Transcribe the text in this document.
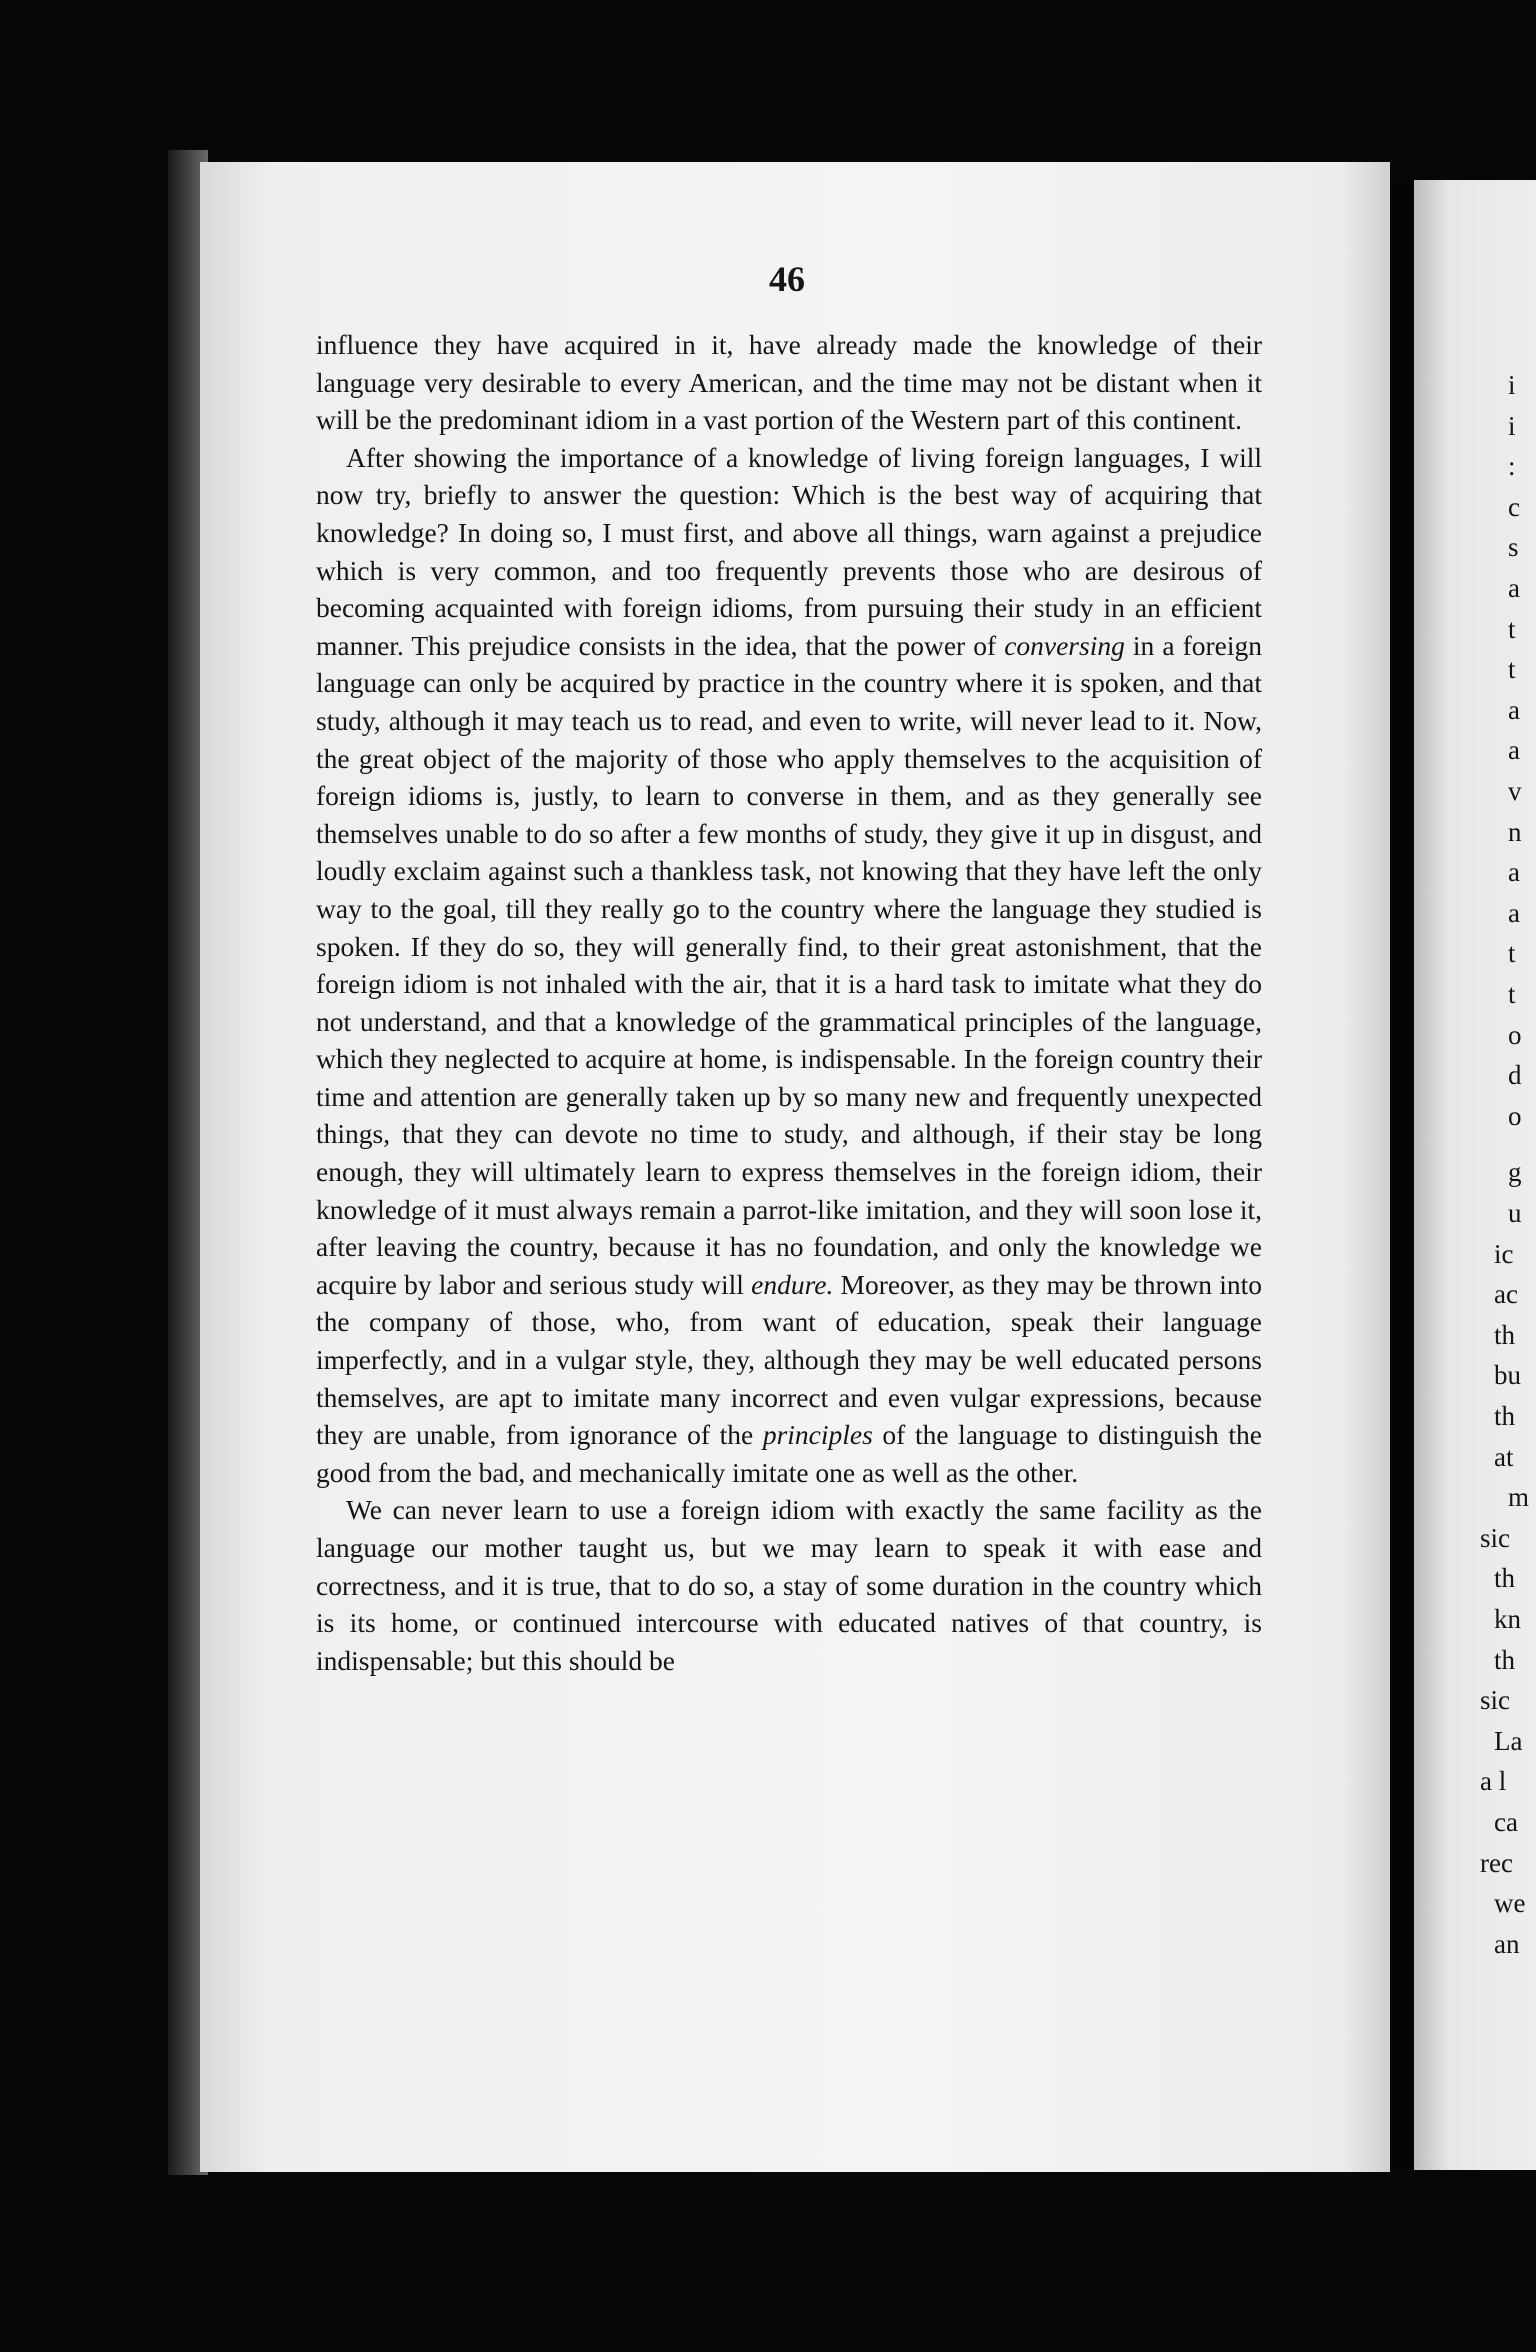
46

influence they have acquired in it, have already made the knowledge of their language very desirable to every American, and the time may not be distant when it will be the predominant idiom in a vast portion of the Western part of this continent.

After showing the importance of a knowledge of living foreign languages, I will now try, briefly to answer the question: Which is the best way of acquiring that knowledge? In doing so, I must first, and above all things, warn against a prejudice which is very common, and too frequently prevents those who are desirous of becoming acquainted with foreign idioms, from pursuing their study in an efficient manner. This prejudice consists in the idea, that the power of conversing in a foreign language can only be acquired by practice in the country where it is spoken, and that study, although it may teach us to read, and even to write, will never lead to it. Now, the great object of the majority of those who apply themselves to the acquisition of foreign idioms is, justly, to learn to converse in them, and as they generally see themselves unable to do so after a few months of study, they give it up in disgust, and loudly exclaim against such a thankless task, not knowing that they have left the only way to the goal, till they really go to the country where the language they studied is spoken. If they do so, they will generally find, to their great astonishment, that the foreign idiom is not inhaled with the air, that it is a hard task to imitate what they do not understand, and that a knowledge of the grammatical principles of the language, which they neglected to acquire at home, is indispensable. In the foreign country their time and attention are generally taken up by so many new and frequently unexpected things, that they can devote no time to study, and although, if their stay be long enough, they will ultimately learn to express themselves in the foreign idiom, their knowledge of it must always remain a parrot-like imitation, and they will soon lose it, after leaving the country, because it has no foundation, and only the knowledge we acquire by labor and serious study will endure. Moreover, as they may be thrown into the company of those, who, from want of education, speak their language imperfectly, and in a vulgar style, they, although they may be well educated persons themselves, are apt to imitate many incorrect and even vulgar expressions, because they are unable, from ignorance of the principles of the language to distinguish the good from the bad, and mechanically imitate one as well as the other.

We can never learn to use a foreign idiom with exactly the same facility as the language our mother taught us, but we may learn to speak it with ease and correctness, and it is true, that to do so, a stay of some duration in the country which is its home, or continued intercourse with educated natives of that country, is indispensable; but this should be

i
i
:
c
s
a
t
t
a
a
v
n
a
a
t
t
o
d
o
g
u
ic
ac
th
bu
th
at
m
sic
th
kn
th
sic
La
a l
ca
rec
we
an
